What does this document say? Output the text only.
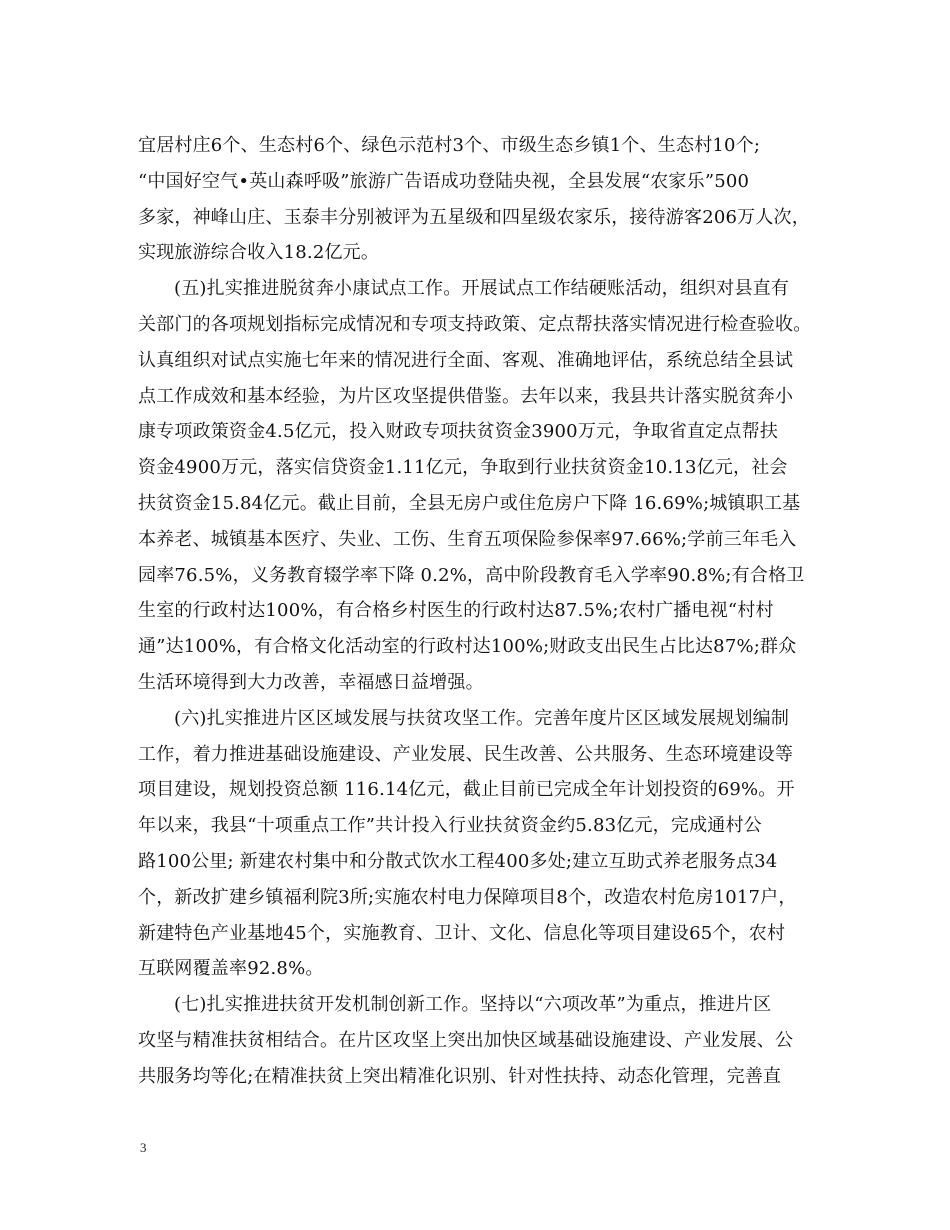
宜居村庄6个、生态村6个、绿色示范村3个、市级生态乡镇1个、生态村10个;
“中国好空气•英山森呼吸”旅游广告语成功登陆央视，全县发展“农家乐”500
多家，神峰山庄、玉泰丰分别被评为五星级和四星级农家乐，接待游客206万人次，
实现旅游综合收入18.2亿元。
(五)扎实推进脱贫奔小康试点工作。开展试点工作结硬账活动，组织对县直有
关部门的各项规划指标完成情况和专项支持政策、定点帮扶落实情况进行检查验收。
认真组织对试点实施七年来的情况进行全面、客观、准确地评估，系统总结全县试
点工作成效和基本经验，为片区攻坚提供借鉴。去年以来，我县共计落实脱贫奔小
康专项政策资金4.5亿元，投入财政专项扶贫资金3900万元，争取省直定点帮扶
资金4900万元，落实信贷资金1.11亿元，争取到行业扶贫资金10.13亿元，社会
扶贫资金15.84亿元。截止目前，全县无房户或住危房户下降 16.69%;城镇职工基
本养老、城镇基本医疗、失业、工伤、生育五项保险参保率97.66%;学前三年毛入
园率76.5%，义务教育辍学率下降 0.2%，高中阶段教育毛入学率90.8%;有合格卫
生室的行政村达100%，有合格乡村医生的行政村达87.5%;农村广播电视“村村
通”达100%，有合格文化活动室的行政村达100%;财政支出民生占比达87%;群众
生活环境得到大力改善，幸福感日益增强。
(六)扎实推进片区区域发展与扶贫攻坚工作。完善年度片区区域发展规划编制
工作，着力推进基础设施建设、产业发展、民生改善、公共服务、生态环境建设等
项目建设，规划投资总额 116.14亿元，截止目前已完成全年计划投资的69%。开
年以来，我县“十项重点工作”共计投入行业扶贫资金约5.83亿元，完成通村公
路100公里; 新建农村集中和分散式饮水工程400多处;建立互助式养老服务点34
个，新改扩建乡镇福利院3所;实施农村电力保障项目8个，改造农村危房1017户，
新建特色产业基地45个，实施教育、卫计、文化、信息化等项目建设65个，农村
互联网覆盖率92.8%。
(七)扎实推进扶贫开发机制创新工作。坚持以“六项改革”为重点，推进片区
攻坚与精准扶贫相结合。在片区攻坚上突出加快区域基础设施建设、产业发展、公
共服务均等化;在精准扶贫上突出精准化识别、针对性扶持、动态化管理，完善直
3
